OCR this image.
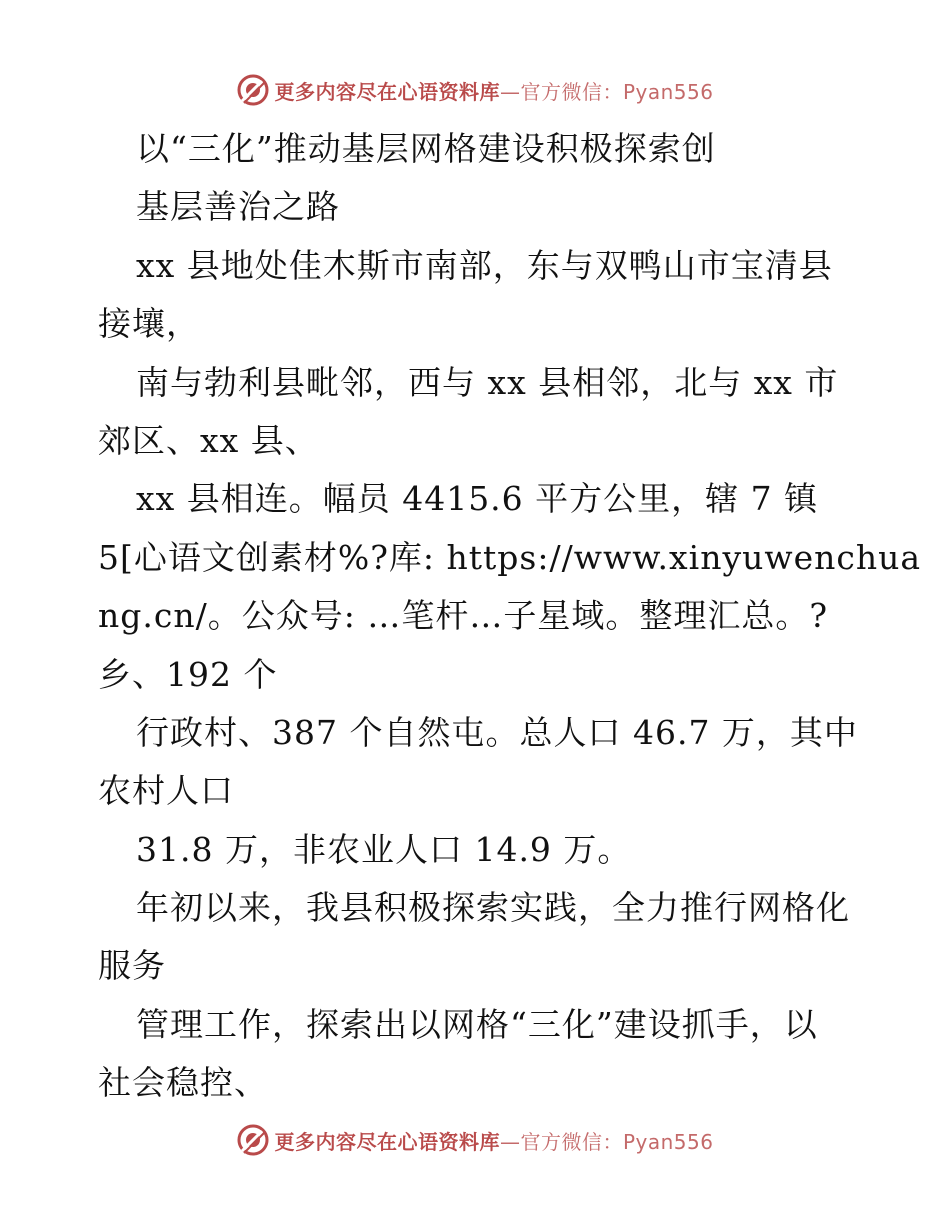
更多内容尽在心语资料库—官方微信：Pyan556
以“三化”推动基层网格建设积极探索创
基层善治之路
xx 县地处佳木斯市南部，东与双鸭山市宝清县
接壤，
南与勃利县毗邻，西与 xx 县相邻，北与 xx 市
郊区、xx 县、
xx 县相连。幅员 4415.6 平方公里，辖 7 镇
5[心语文创素材%?库: https://www.xinyuwenchua
ng.cn/。公众号: …笔杆…子星域。整理汇总。?
乡、192 个
行政村、387 个自然屯。总人口 46.7 万，其中
农村人口
31.8 万，非农业人口 14.9 万。
年初以来，我县积极探索实践，全力推行网格化
服务
管理工作，探索出以网格“三化”建设抓手，以
社会稳控、
更多内容尽在心语资料库—官方微信：Pyan556
